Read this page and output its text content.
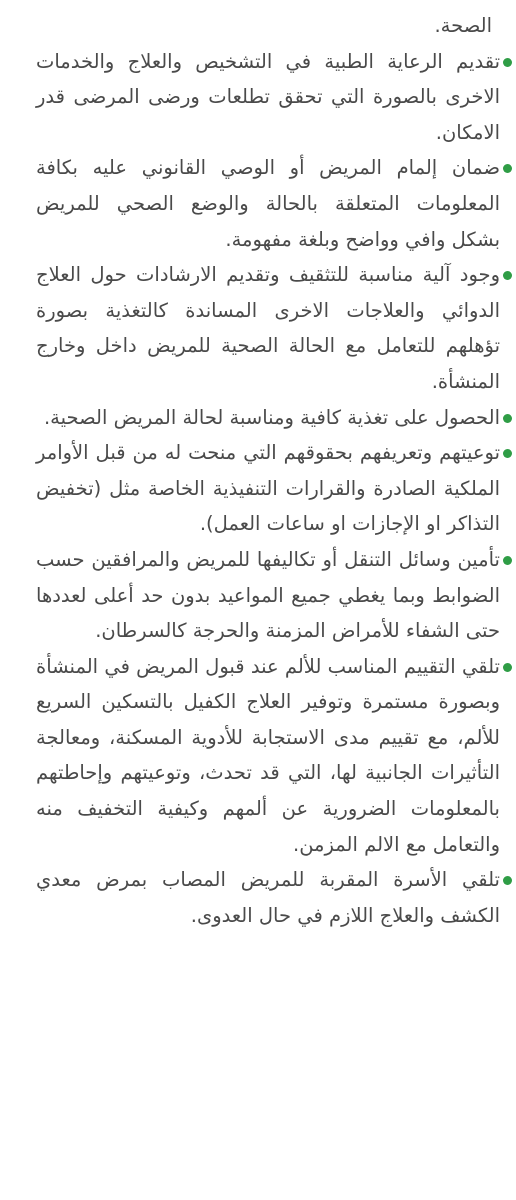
الصحة.

تقديم الرعاية الطبية في التشخيص والعلاج والخدمات الاخرى بالصورة التي تحقق تطلعات ورضى المرضى قدر الامكان.
ضمان إلمام المريض أو الوصي القانوني عليه بكافة المعلومات المتعلقة بالحالة والوضع الصحي للمريض بشكل وافي وواضح وبلغة مفهومة.
وجود آلية مناسبة للتثقيف وتقديم الارشادات حول العلاج الدوائي والعلاجات الاخرى المساندة كالتغذية بصورة تؤهلهم للتعامل مع الحالة الصحية للمريض داخل وخارج المنشأة.
الحصول على تغذية كافية ومناسبة لحالة المريض الصحية.
توعيتهم وتعريفهم بحقوقهم التي منحت له من قبل الأوامر الملكية الصادرة والقرارات التنفيذية الخاصة مثل (تخفيض التذاكر او الإجازات او ساعات العمل).
تأمين وسائل التنقل أو تكاليفها للمريض والمرافقين حسب الضوابط وبما يغطي جميع المواعيد بدون حد أعلى لعددها حتى الشفاء للأمراض المزمنة والحرجة كالسرطان.
تلقي التقييم المناسب للألم عند قبول المريض في المنشأة وبصورة مستمرة وتوفير العلاج الكفيل بالتسكين السريع للألم، مع تقييم مدى الاستجابة للأدوية المسكنة، ومعالجة التأثيرات الجانبية لها، التي قد تحدث، وتوعيتهم وإحاطتهم بالمعلومات الضرورية عن ألمهم وكيفية التخفيف منه والتعامل مع الالم المزمن.
تلقي الأسرة المقربة للمريض المصاب بمرض معدي الكشف والعلاج اللازم في حال العدوى.
